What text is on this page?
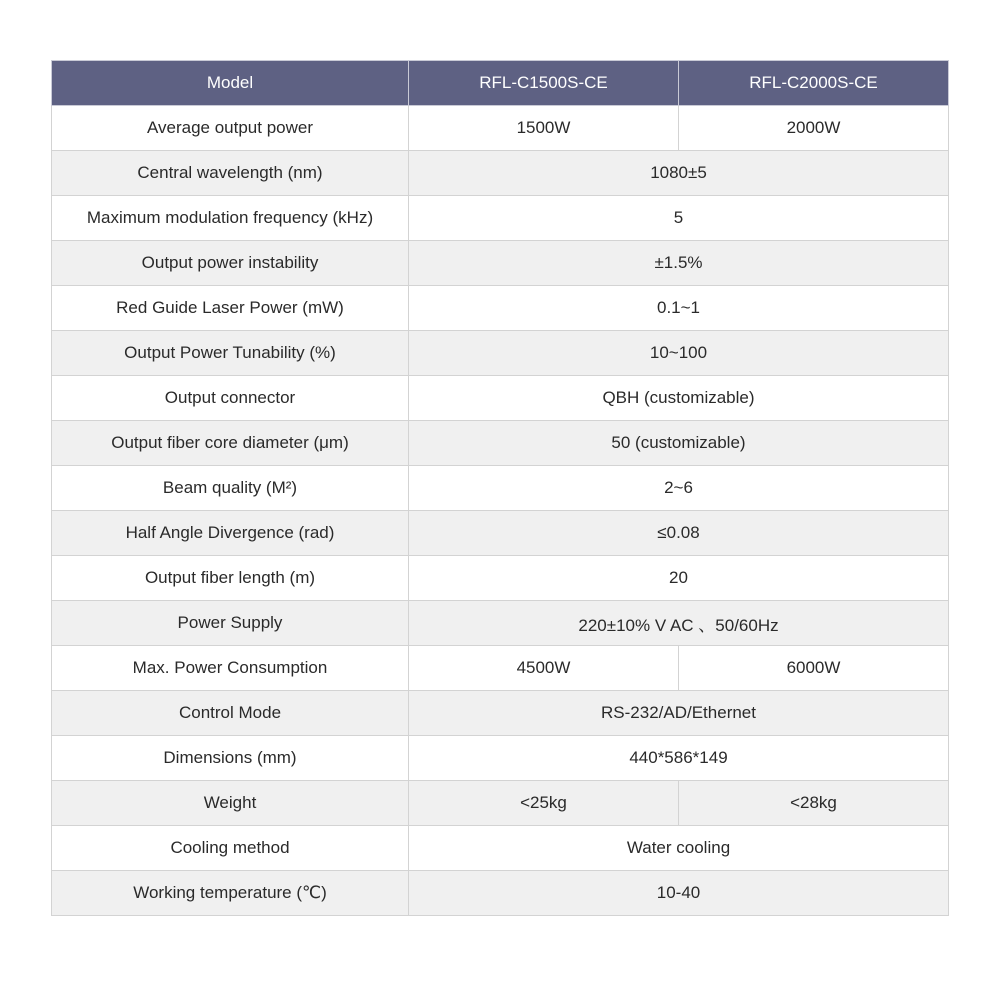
Model	RFL-C1500S-CE	RFL-C2000S-CE
Average output power	1500W	2000W
Central wavelength (nm)	1080±5	
Maximum modulation frequency (kHz)	5	
Output power instability	±1.5%	
Red Guide Laser Power (mW)	0.1~1	
Output Power Tunability (%)	10~100	
Output connector	QBH (customizable)	
Output fiber core diameter (μm)	50 (customizable)	
Beam quality (M²)	2~6	
Half Angle Divergence (rad)	≤0.08	
Output fiber length (m)	20	
Power Supply	220±10% V AC 、50/60Hz	
Max. Power Consumption	4500W	6000W
Control Mode	RS-232/AD/Ethernet	
Dimensions (mm)	440*586*149	
Weight	<25kg	<28kg
Cooling method	Water cooling	
Working temperature (℃)	10-40	
